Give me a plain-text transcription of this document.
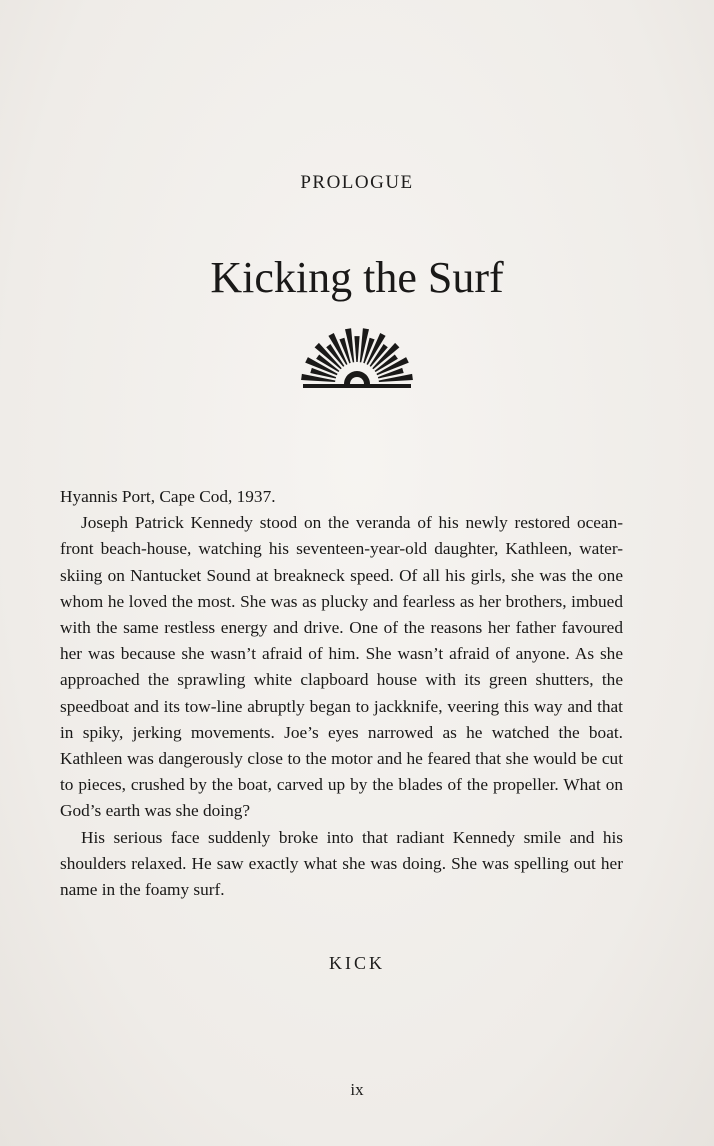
PROLOGUE
Kicking the Surf

Hyannis Port, Cape Cod, 1937.

Joseph Patrick Kennedy stood on the veranda of his newly restored ocean-front beach-house, watching his seventeen-year-old daughter, Kathleen, water-skiing on Nantucket Sound at breakneck speed. Of all his girls, she was the one whom he loved the most. She was as plucky and fearless as her brothers, imbued with the same restless energy and drive. One of the reasons her father favoured her was because she wasn’t afraid of him. She wasn’t afraid of anyone. As she approached the sprawling white clapboard house with its green shutters, the speedboat and its tow-line abruptly began to jackknife, veering this way and that in spiky, jerking movements. Joe’s eyes narrowed as he watched the boat. Kathleen was dangerously close to the motor and he feared that she would be cut to pieces, crushed by the boat, carved up by the blades of the propeller. What on God’s earth was she doing?

His serious face suddenly broke into that radiant Kennedy smile and his shoulders relaxed. He saw exactly what she was doing. She was spelling out her name in the foamy surf.

KICK
ix
